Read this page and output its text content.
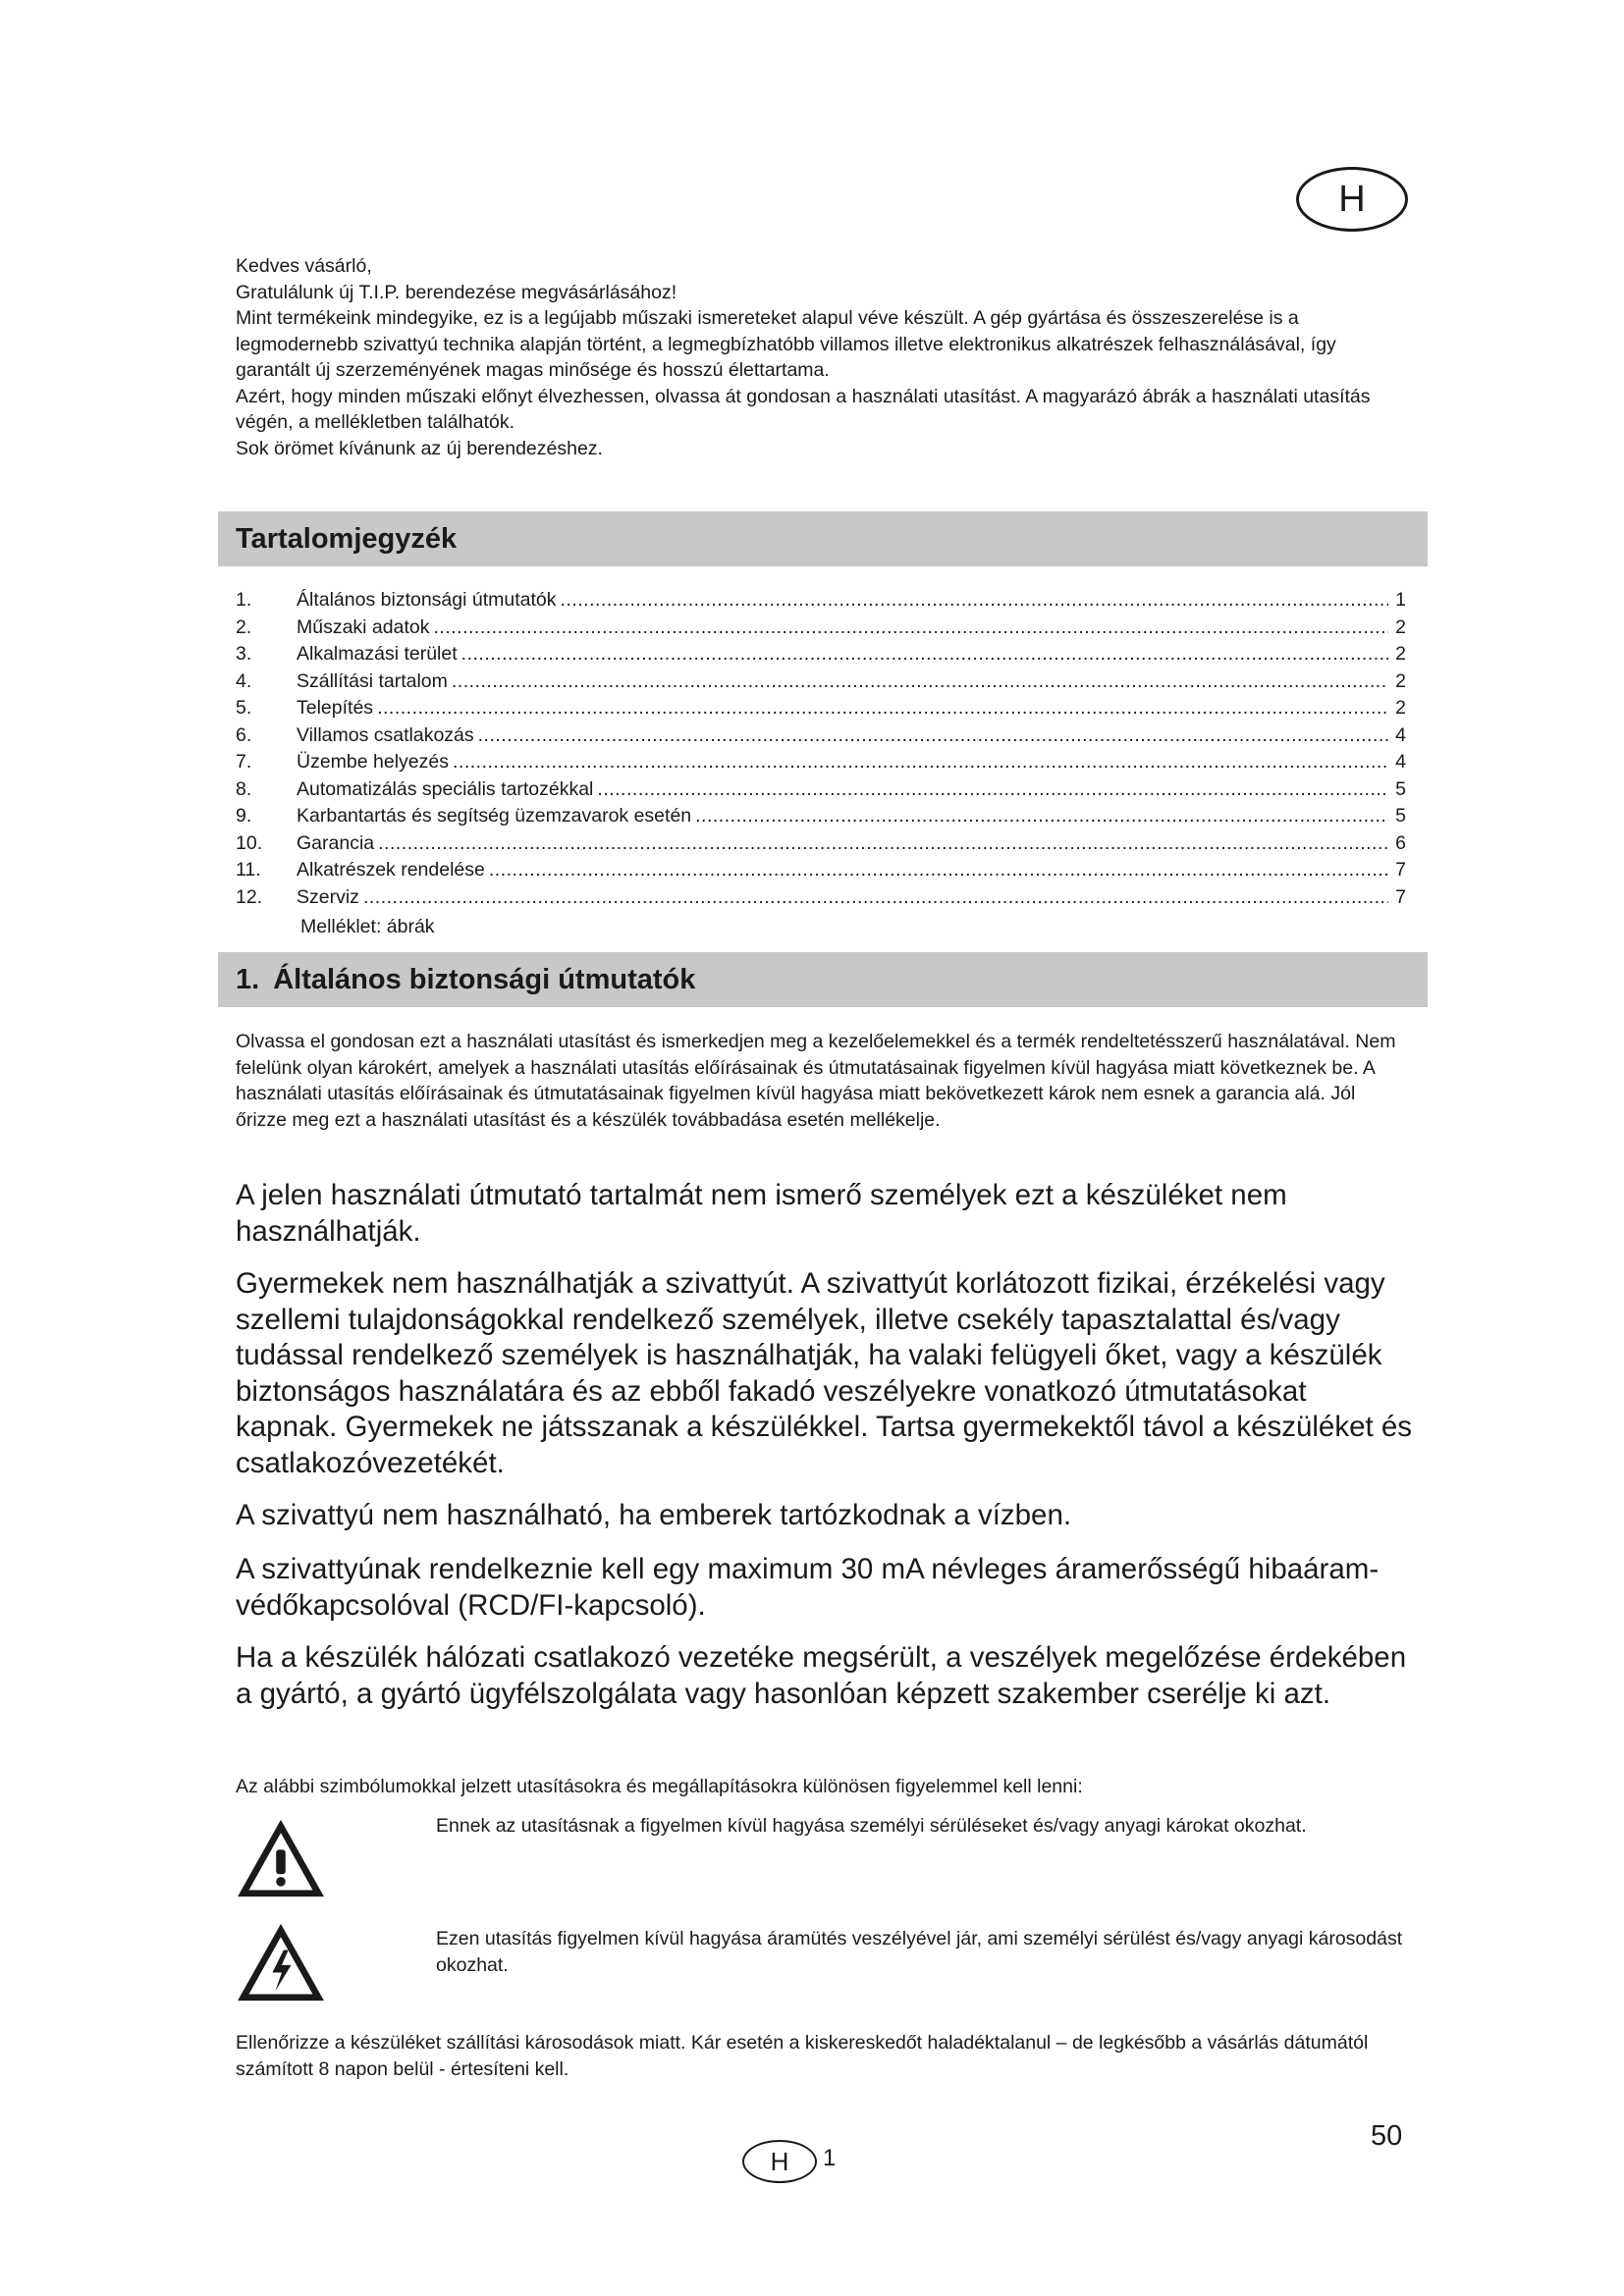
H

Kedves vásárló,

Gratulálunk új T.I.P. berendezése megvásárlásához!

Mint termékeink mindegyike, ez is a legújabb műszaki ismereteket alapul véve készült. A gép gyártása és összeszerelése is a legmodernebb szivattyú technika alapján történt, a legmegbízhatóbb villamos illetve elektronikus alkatrészek felhasználásával, így garantált új szerzeményének magas minősége és hosszú élettartama.

Azért, hogy minden műszaki előnyt élvezhessen, olvassa át gondosan a használati utasítást. A magyarázó ábrák a használati utasítás végén, a mellékletben találhatók.

Sok örömet kívánunk az új berendezéshez.

Tartalomjegyzék
1.	Általános biztonsági útmutatók .....	1
2.	Műszaki adatok .....	2
3.	Alkalmazási terület .....	2
4.	Szállítási tartalom .....	2
5.	Telepítés .....	2
6.	Villamos csatlakozás .....	4
7.	Üzembe helyezés .....	4
8.	Automatizálás speciális tartozékkal .....	5
9.	Karbantartás és segítség üzemzavarok esetén .....	5
10.	Garancia .....	6
11.	Alkatrészek rendelése .....	7
12.	Szerviz .....	7
Melléklet: ábrák
1. Általános biztonsági útmutatók

Olvassa el gondosan ezt a használati utasítást és ismerkedjen meg a kezelőelemekkel és a termék rendeltetésszerű használatával. Nem felelünk olyan károkért, amelyek a használati utasítás előírásainak és útmutatásainak figyelmen kívül hagyása miatt következnek be. A használati utasítás előírásainak és útmutatásainak figyelmen kívül hagyása miatt bekövetkezett károk nem esnek a garancia alá. Jól őrizze meg ezt a használati utasítást és a készülék továbbadása esetén mellékelje.

A jelen használati útmutató tartalmát nem ismerő személyek ezt a készüléket nem használhatják.

Gyermekek nem használhatják a szivattyút. A szivattyút korlátozott fizikai, érzékelési vagy szellemi tulajdonságokkal rendelkező személyek, illetve csekély tapasztalattal és/vagy tudással rendelkező személyek is használhatják, ha valaki felügyeli őket, vagy a készülék biztonságos használatára és az ebből fakadó veszélyekre vonatkozó útmutatásokat kapnak. Gyermekek ne játsszanak a készülékkel. Tartsa gyermekektől távol a készüléket és csatlakozóvezetékét.

A szivattyú nem használható, ha emberek tartózkodnak a vízben.

A szivattyúnak rendelkeznie kell egy maximum 30 mA névleges áramerősségű hibaáram-védőkapcsolóval (RCD/FI-kapcsoló).

Ha a készülék hálózati csatlakozó vezetéke megsérült, a veszélyek megelőzése érdekében a gyártó, a gyártó ügyfélszolgálata vagy hasonlóan képzett szakember cserélje ki azt.

Az alábbi szimbólumokkal jelzett utasításokra és megállapításokra különösen figyelemmel kell lenni:

Ennek az utasításnak a figyelmen kívül hagyása személyi sérüléseket és/vagy anyagi károkat okozhat.

Ezen utasítás figyelmen kívül hagyása áramütés veszélyével jár, ami személyi sérülést és/vagy anyagi károsodást okozhat.

Ellenőrizze a készüléket szállítási károsodások miatt. Kár esetén a kiskereskedőt haladéktalanul – de legkésőbb a vásárlás dátumától számított 8 napon belül - értesíteni kell.

50
H 1
